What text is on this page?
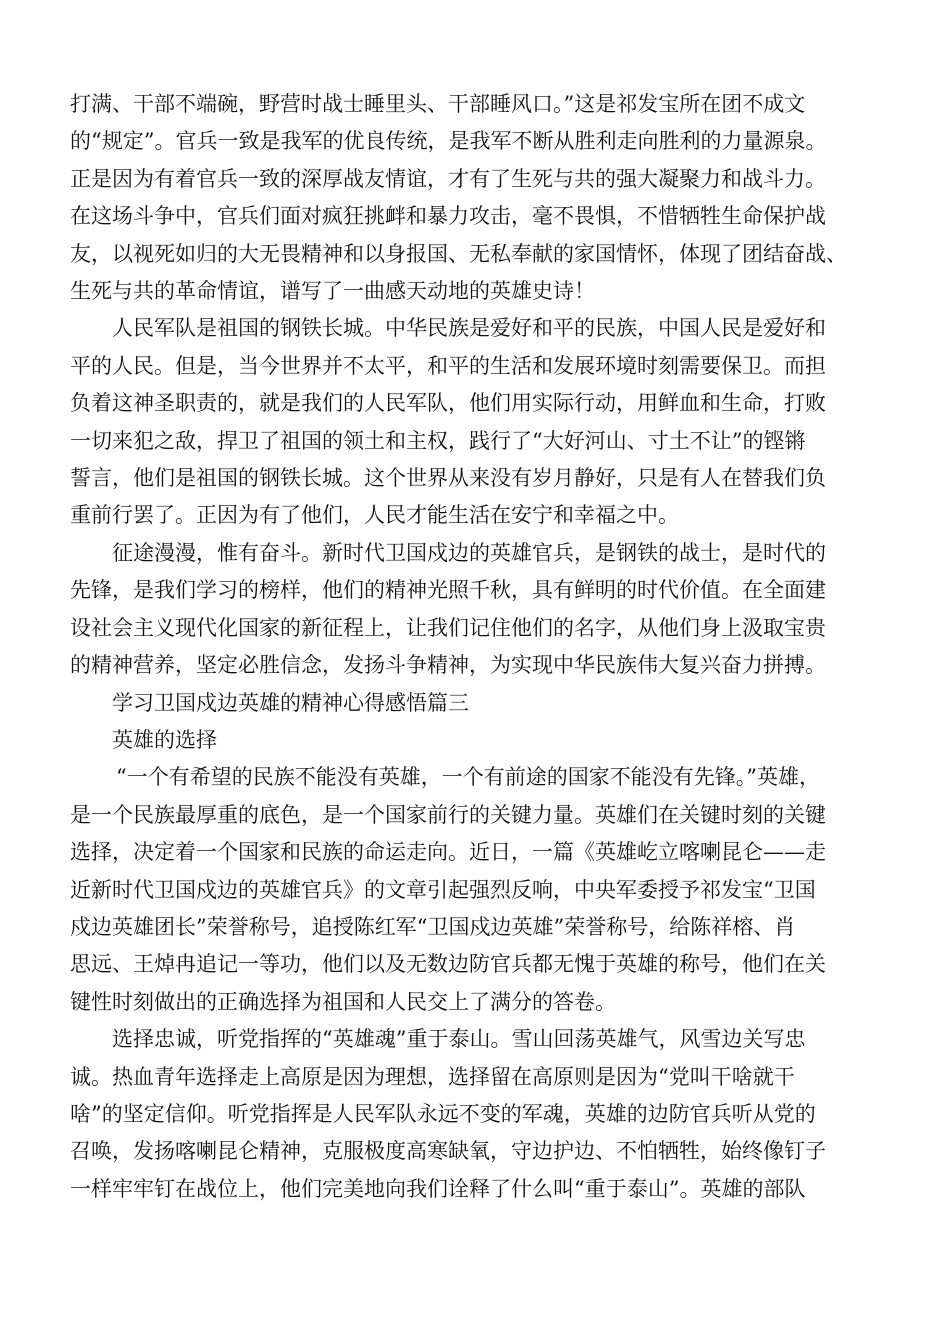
打满、干部不端碗，野营时战士睡里头、干部睡风口。”这是祁发宝所在团不成文
的“规定”。官兵一致是我军的优良传统，是我军不断从胜利走向胜利的力量源泉。
正是因为有着官兵一致的深厚战友情谊，才有了生死与共的强大凝聚力和战斗力。
在这场斗争中，官兵们面对疯狂挑衅和暴力攻击，毫不畏惧，不惜牺牲生命保护战
友，以视死如归的大无畏精神和以身报国、无私奉献的家国情怀，体现了团结奋战、
生死与共的革命情谊，谱写了一曲感天动地的英雄史诗！

人民军队是祖国的钢铁长城。中华民族是爱好和平的民族，中国人民是爱好和
平的人民。但是，当今世界并不太平，和平的生活和发展环境时刻需要保卫。而担
负着这神圣职责的，就是我们的人民军队，他们用实际行动，用鲜血和生命，打败
一切来犯之敌，捍卫了祖国的领土和主权，践行了“大好河山、寸土不让”的铿锵
誓言，他们是祖国的钢铁长城。这个世界从来没有岁月静好，只是有人在替我们负
重前行罢了。正因为有了他们，人民才能生活在安宁和幸福之中。

征途漫漫，惟有奋斗。新时代卫国戍边的英雄官兵，是钢铁的战士，是时代的
先锋，是我们学习的榜样，他们的精神光照千秋，具有鲜明的时代价值。在全面建
设社会主义现代化国家的新征程上，让我们记住他们的名字，从他们身上汲取宝贵
的精神营养，坚定必胜信念，发扬斗争精神，为实现中华民族伟大复兴奋力拼搏。

学习卫国戍边英雄的精神心得感悟篇三

英雄的选择

“一个有希望的民族不能没有英雄，一个有前途的国家不能没有先锋。”英雄，
是一个民族最厚重的底色，是一个国家前行的关键力量。英雄们在关键时刻的关键
选择，决定着一个国家和民族的命运走向。近日，一篇《英雄屹立喀喇昆仑——走
近新时代卫国戍边的英雄官兵》的文章引起强烈反响，中央军委授予祁发宝“卫国
戍边英雄团长”荣誉称号，追授陈红军“卫国戍边英雄”荣誉称号，给陈祥榕、肖
思远、王焯冉追记一等功，他们以及无数边防官兵都无愧于英雄的称号，他们在关
键性时刻做出的正确选择为祖国和人民交上了满分的答卷。

选择忠诚，听党指挥的“英雄魂”重于泰山。雪山回荡英雄气，风雪边关写忠
诚。热血青年选择走上高原是因为理想，选择留在高原则是因为“党叫干啥就干
啥”的坚定信仰。听党指挥是人民军队永远不变的军魂，英雄的边防官兵听从党的
召唤，发扬喀喇昆仑精神，克服极度高寒缺氧，守边护边、不怕牺牲，始终像钉子
一样牢牢钉在战位上，他们完美地向我们诠释了什么叫“重于泰山”。英雄的部队
